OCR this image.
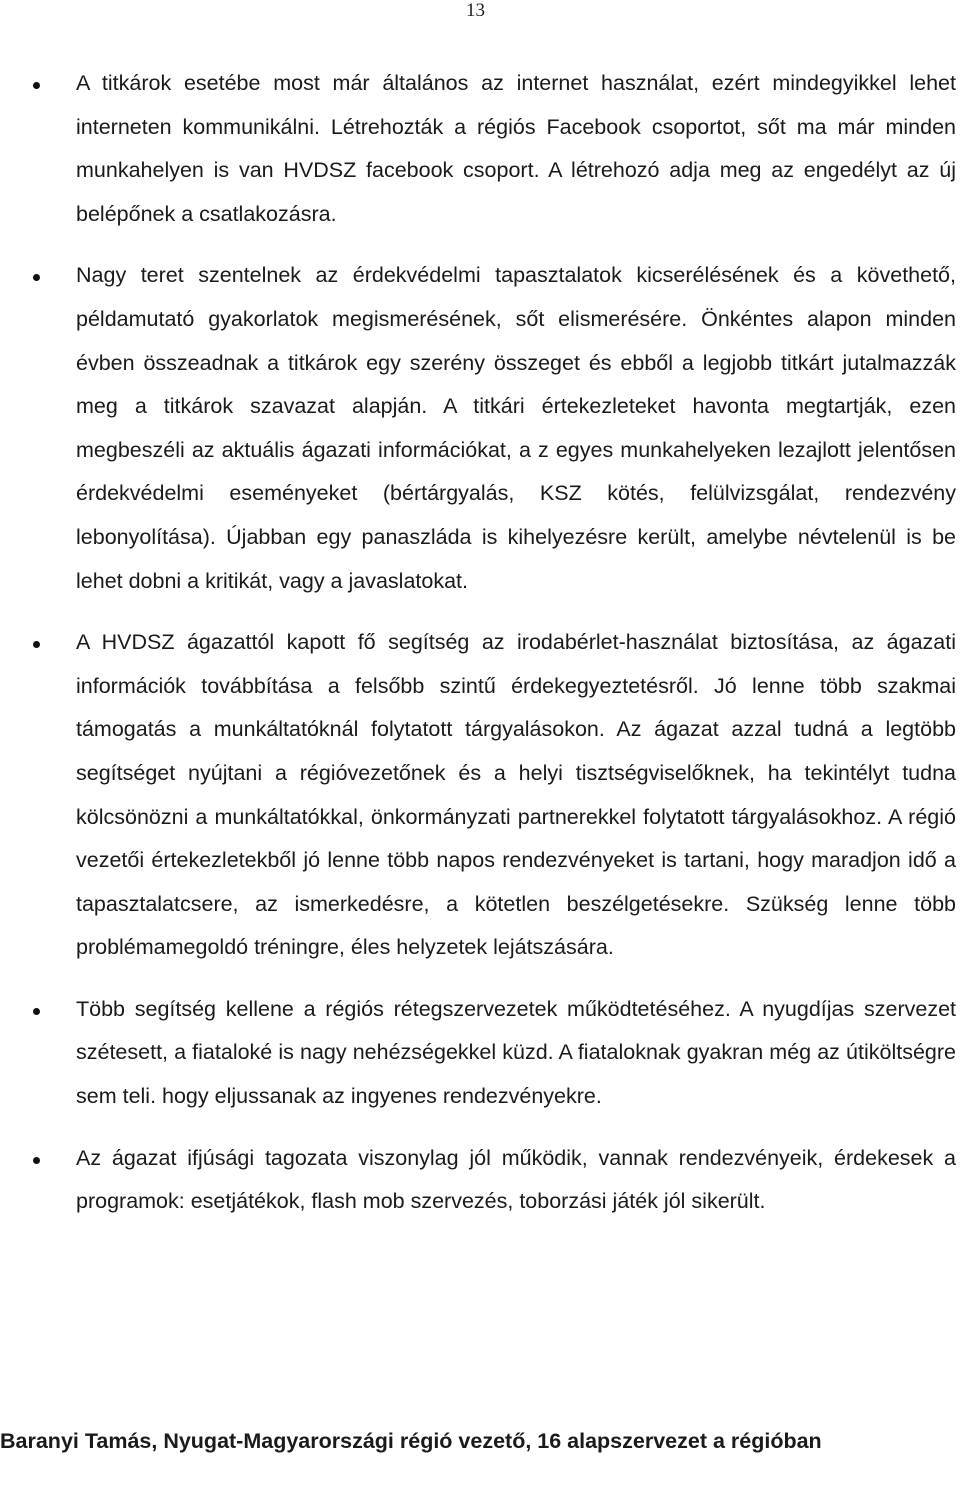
13

A titkárok esetébe most már általános az internet használat, ezért mindegyikkel lehet interneten kommunikálni. Létrehozták a régiós Facebook csoportot, sőt ma már minden munkahelyen is van HVDSZ facebook csoport. A létrehozó adja meg az engedélyt az új belépőnek a csatlakozásra.

Nagy teret szentelnek az érdekvédelmi tapasztalatok kicserélésének és a követhető, példamutató gyakorlatok megismerésének, sőt elismerésére. Önkéntes alapon minden évben összeadnak a titkárok egy szerény összeget és ebből a legjobb titkárt jutalmazzák meg a titkárok szavazat alapján. A titkári értekezleteket havonta megtartják, ezen megbeszéli az aktuális ágazati információkat, a z egyes munkahelyeken lezajlott jelentősen érdekvédelmi eseményeket (bértárgyalás, KSZ kötés, felülvizsgálat, rendezvény lebonyolítása). Újabban egy panaszláda is kihelyezésre került, amelybe névtelenül is be lehet dobni a kritikát, vagy a javaslatokat.

A HVDSZ ágazattól kapott fő segítség az irodabérlet-használat biztosítása, az ágazati információk továbbítása a felsőbb szintű érdekegyeztetésről. Jó lenne több szakmai támogatás a munkáltatóknál folytatott tárgyalásokon. Az ágazat azzal tudná a legtöbb segítséget nyújtani a régióvezetőnek és a helyi tisztségviselőknek, ha tekintélyt tudna kölcsönözni a munkáltatókkal, önkormányzati partnerekkel folytatott tárgyalásokhoz. A régió vezetői értekezletekből jó lenne több napos rendezvényeket is tartani, hogy maradjon idő a tapasztalatcsere, az ismerkedésre, a kötetlen beszélgetésekre. Szükség lenne több problémamegoldó tréningre, éles helyzetek lejátszására.

Több segítség kellene a régiós rétegszervezetek működtetéséhez. A nyugdíjas szervezet szétesett, a fiataloké is nagy nehézségekkel küzd. A fiataloknak gyakran még az útiköltségre sem teli. hogy eljussanak az ingyenes rendezvényekre.

Az ágazat ifjúsági tagozata viszonylag jól működik, vannak rendezvényeik, érdekesek a programok: esetjátékok, flash mob szervezés, toborzási játék jól sikerült.

Baranyi Tamás, Nyugat-Magyarországi régió vezető, 16 alapszervezet a régióban
